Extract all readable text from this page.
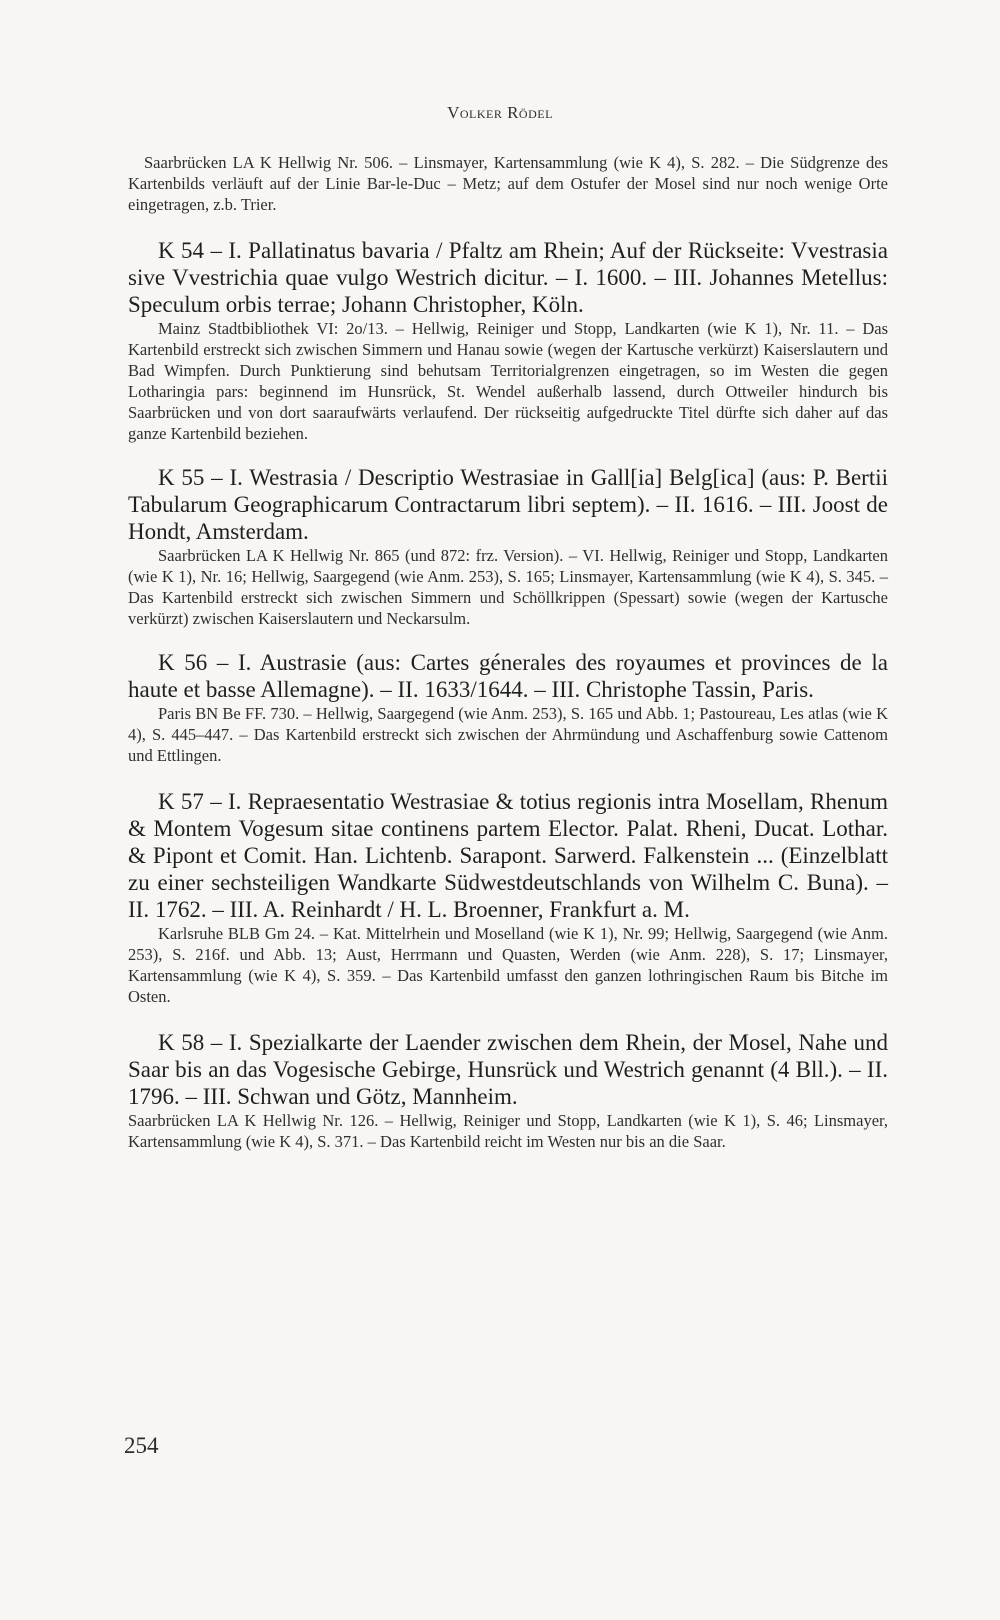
Volker Rödel

Saarbrücken LA K Hellwig Nr. 506. – Linsmayer, Kartensammlung (wie K 4), S. 282. – Die Südgrenze des Kartenbilds verläuft auf der Linie Bar-le-Duc – Metz; auf dem Ostufer der Mosel sind nur noch wenige Orte eingetragen, z.b. Trier.

K 54 – I. Pallatinatus bavaria / Pfaltz am Rhein; Auf der Rückseite: Vvestrasia sive Vvestrichia quae vulgo Westrich dicitur. – I. 1600. – III. Johannes Metellus: Speculum orbis terrae; Johann Christopher, Köln.

Mainz Stadtbibliothek VI: 2o/13. – Hellwig, Reiniger und Stopp, Landkarten (wie K 1), Nr. 11. – Das Kartenbild erstreckt sich zwischen Simmern und Hanau sowie (wegen der Kartusche verkürzt) Kaiserslautern und Bad Wimpfen. Durch Punktierung sind behutsam Territorialgrenzen eingetragen, so im Westen die gegen Lotharingia pars: beginnend im Hunsrück, St. Wendel außerhalb lassend, durch Ottweiler hindurch bis Saarbrücken und von dort saaraufwärts verlaufend. Der rückseitig aufgedruckte Titel dürfte sich daher auf das ganze Kartenbild beziehen.

K 55 – I. Westrasia / Descriptio Westrasiae in Gall[ia] Belg[ica] (aus: P. Bertii Tabularum Geographicarum Contractarum libri septem). – II. 1616. – III. Joost de Hondt, Amsterdam.

Saarbrücken LA K Hellwig Nr. 865 (und 872: frz. Version). – VI. Hellwig, Reiniger und Stopp, Landkarten (wie K 1), Nr. 16; Hellwig, Saargegend (wie Anm. 253), S. 165; Linsmayer, Kartensammlung (wie K 4), S. 345. – Das Kartenbild erstreckt sich zwischen Simmern und Schöllkrippen (Spessart) sowie (wegen der Kartusche verkürzt) zwischen Kaiserslautern und Neckarsulm.

K 56 – I. Austrasie (aus: Cartes génerales des royaumes et provinces de la haute et basse Allemagne). – II. 1633/1644. – III. Christophe Tassin, Paris.

Paris BN Be FF. 730. – Hellwig, Saargegend (wie Anm. 253), S. 165 und Abb. 1; Pastoureau, Les atlas (wie K 4), S. 445–447. – Das Kartenbild erstreckt sich zwischen der Ahrmündung und Aschaffenburg sowie Cattenom und Ettlingen.

K 57 – I. Repraesentatio Westrasiae & totius regionis intra Mosellam, Rhenum & Montem Vogesum sitae continens partem Elector. Palat. Rheni, Ducat. Lothar. & Pipont et Comit. Han. Lichtenb. Sarapont. Sarwerd. Falkenstein ... (Einzelblatt zu einer sechsteiligen Wandkarte Südwestdeutschlands von Wilhelm C. Buna). – II. 1762. – III. A. Reinhardt / H. L. Broenner, Frankfurt a. M.

Karlsruhe BLB Gm 24. – Kat. Mittelrhein und Moselland (wie K 1), Nr. 99; Hellwig, Saargegend (wie Anm. 253), S. 216f. und Abb. 13; Aust, Herrmann und Quasten, Werden (wie Anm. 228), S. 17; Linsmayer, Kartensammlung (wie K 4), S. 359. – Das Kartenbild umfasst den ganzen lothringischen Raum bis Bitche im Osten.

K 58 – I. Spezialkarte der Laender zwischen dem Rhein, der Mosel, Nahe und Saar bis an das Vogesische Gebirge, Hunsrück und Westrich genannt (4 Bll.). – II. 1796. – III. Schwan und Götz, Mannheim.

Saarbrücken LA K Hellwig Nr. 126. – Hellwig, Reiniger und Stopp, Landkarten (wie K 1), S. 46; Linsmayer, Kartensammlung (wie K 4), S. 371. – Das Kartenbild reicht im Westen nur bis an die Saar.

254
